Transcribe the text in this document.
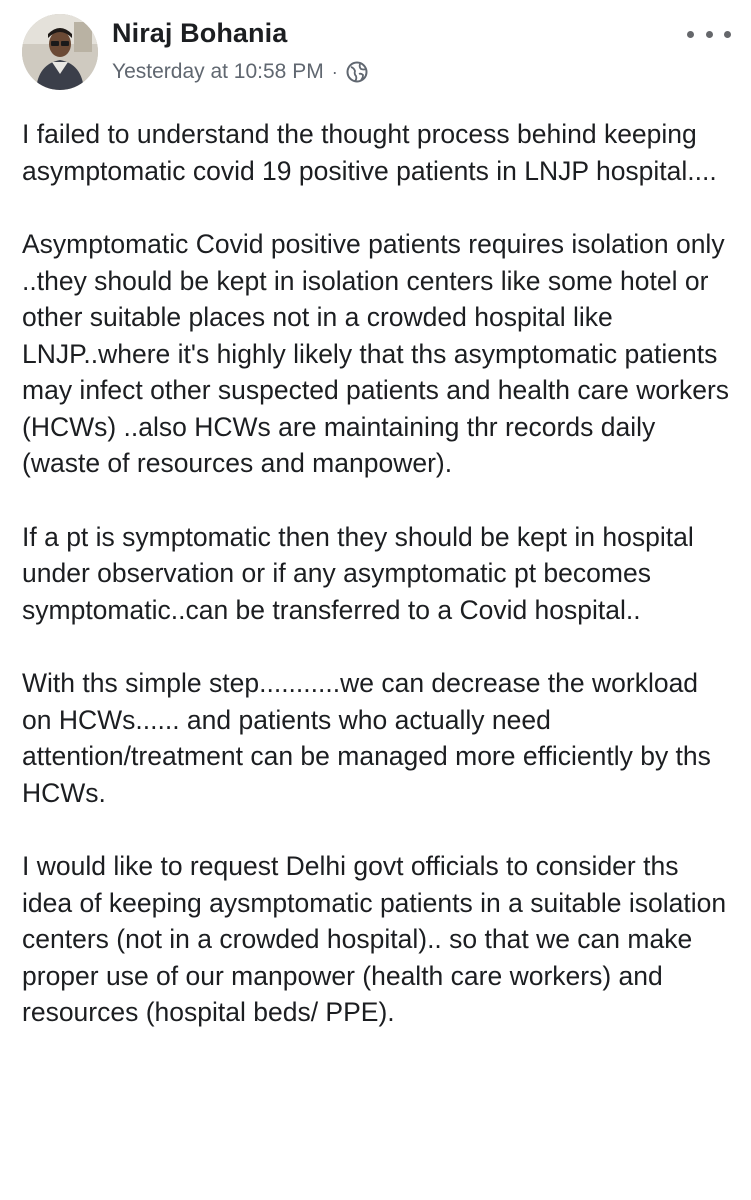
Niraj Bohania
Yesterday at 10:58 PM ·

I failed to understand the thought process behind keeping asymptomatic covid 19 positive patients in LNJP hospital....

Asymptomatic Covid positive patients requires isolation only ..they should be kept in isolation centers like some hotel or other suitable places not in a crowded hospital like LNJP..where it's highly likely that ths asymptomatic patients may infect other suspected patients and health care workers (HCWs) ..also HCWs are maintaining thr records daily (waste of resources and manpower).

If a pt is symptomatic then they should be kept in hospital under observation or if any asymptomatic pt becomes symptomatic..can be transferred to a Covid hospital..

With ths simple step...........we can decrease the workload on HCWs...... and patients who actually need attention/treatment can be managed more efficiently by ths HCWs.

I would like to request Delhi govt officials to consider ths idea of keeping aysmptomatic patients in a suitable isolation centers (not in a crowded hospital).. so that we can make proper use of our manpower (health care workers) and resources (hospital beds/ PPE).
